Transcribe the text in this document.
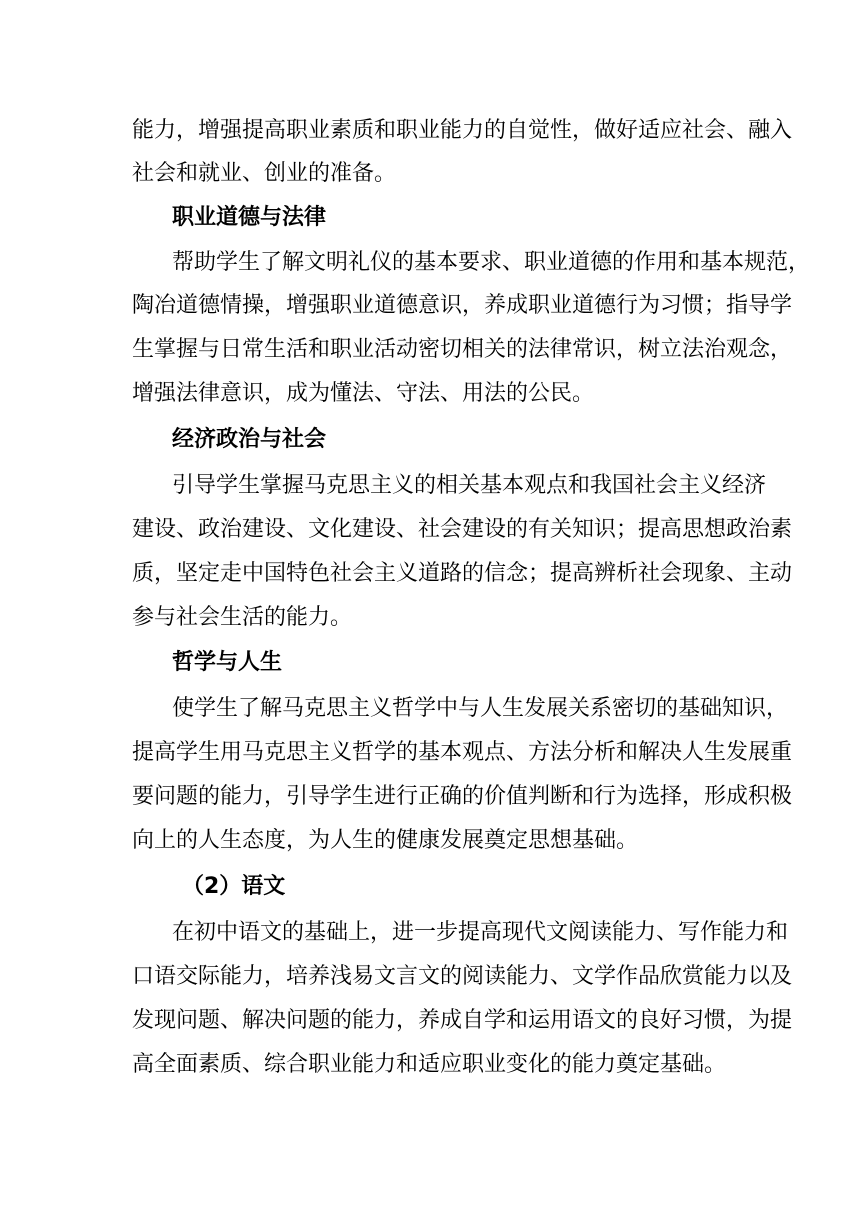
能力，增强提高职业素质和职业能力的自觉性，做好适应社会、融入
社会和就业、创业的准备。
职业道德与法律
帮助学生了解文明礼仪的基本要求、职业道德的作用和基本规范，
陶冶道德情操，增强职业道德意识，养成职业道德行为习惯；指导学
生掌握与日常生活和职业活动密切相关的法律常识，树立法治观念，
增强法律意识，成为懂法、守法、用法的公民。
经济政治与社会
引导学生掌握马克思主义的相关基本观点和我国社会主义经济
建设、政治建设、文化建设、社会建设的有关知识；提高思想政治素
质，坚定走中国特色社会主义道路的信念；提高辨析社会现象、主动
参与社会生活的能力。
哲学与人生
使学生了解马克思主义哲学中与人生发展关系密切的基础知识，
提高学生用马克思主义哲学的基本观点、方法分析和解决人生发展重
要问题的能力，引导学生进行正确的价值判断和行为选择，形成积极
向上的人生态度，为人生的健康发展奠定思想基础。
（2）语文
在初中语文的基础上，进一步提高现代文阅读能力、写作能力和
口语交际能力，培养浅易文言文的阅读能力、文学作品欣赏能力以及
发现问题、解决问题的能力，养成自学和运用语文的良好习惯，为提
高全面素质、综合职业能力和适应职业变化的能力奠定基础。
